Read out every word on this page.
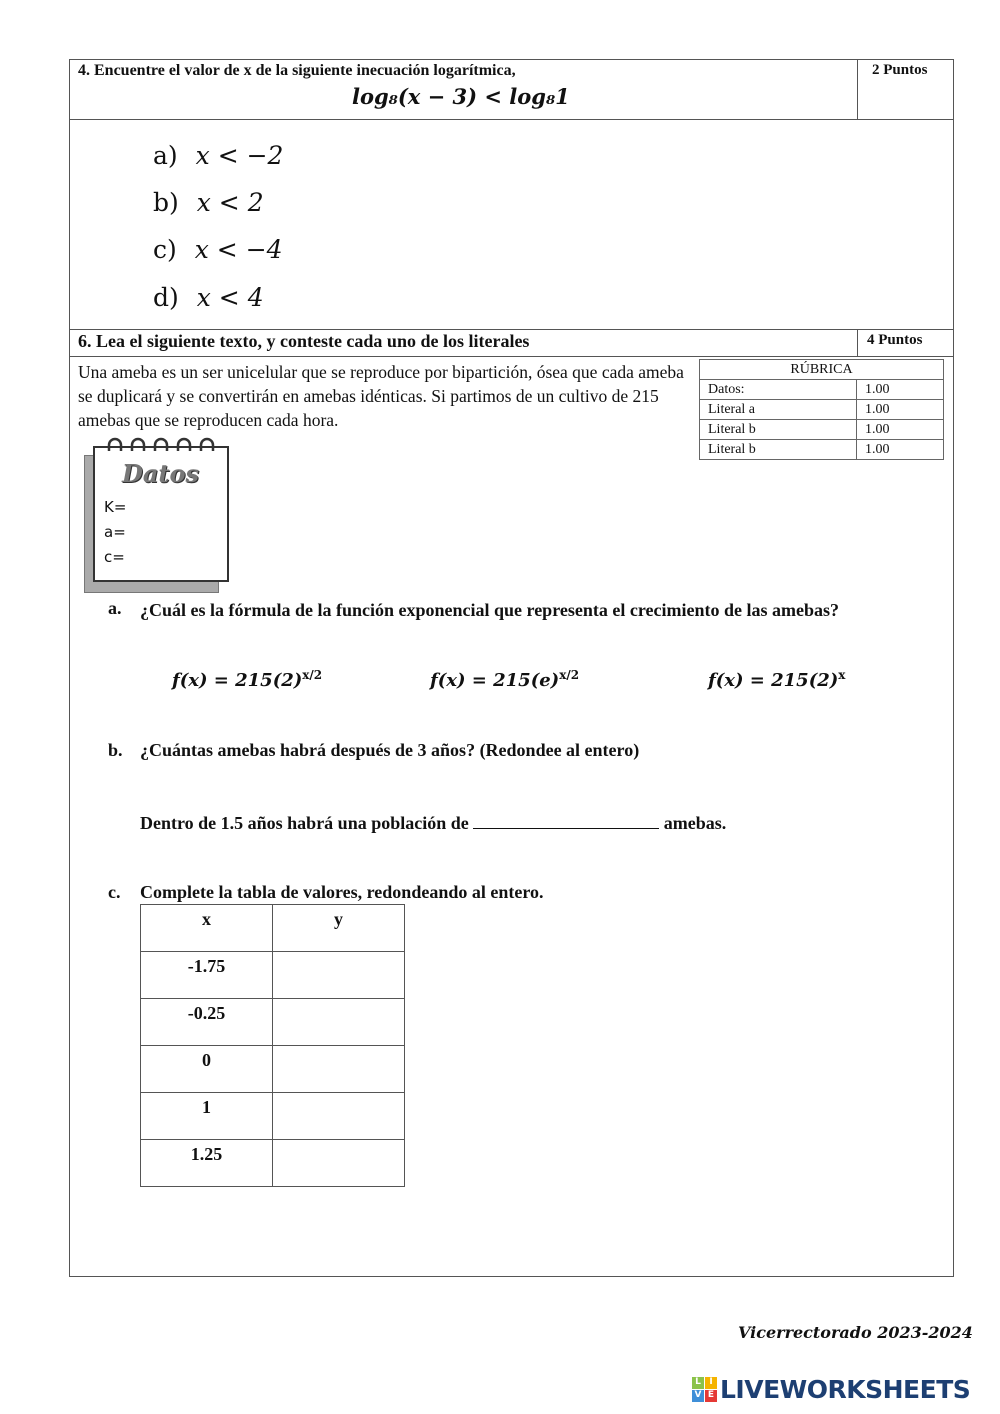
4. Encuentre el valor de x de la siguiente inecuación logarítmica,
log₈(x − 3) < log₈1
2 Puntos
a) x < −2
b) x < 2
c) x < −4
d) x < 4
6. Lea el siguiente texto, y conteste cada uno de los literales	4 Puntos
Una ameba es un ser unicelular que se reproduce por bipartición, ósea que cada ameba se duplicará y se convertirán en amebas idénticas. Si partimos de un cultivo de 215 amebas que se reproducen cada hora.
RÚBRICA	
Datos:	1.00
Literal a	1.00
Literal b	1.00
Literal b	1.00
Datos
K=
a=
c=
a. ¿Cuál es la fórmula de la función exponencial que representa el crecimiento de las amebas?
$f(x) = 215(2)^{x/2}$	$f(x) = 215(e)^{x/2}$	$f(x) = 215(2)^x$
b. ¿Cuántas amebas habrá después de 3 años? (Redondee al entero)
Dentro de 1.5 años habrá una población de	amebas.
c. Complete la tabla de valores, redondeando al entero.
x	y
-1.75	
-0.25	
0	
1	
1.25	
Vicerrectorado 2023-2024
L I
V E LIVEWORKSHEETS
